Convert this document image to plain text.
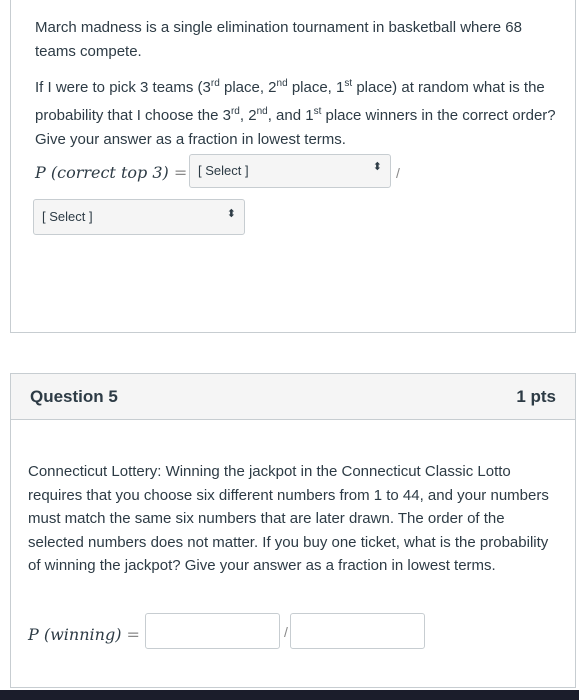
March madness is a single elimination tournament in basketball where 68 teams compete.

If I were to pick 3 teams (3rd place, 2nd place, 1st place) at random what is the probability that I choose the 3rd, 2nd, and 1st place winners in the correct order? Give your answer as a fraction in lowest terms.

P (correct top 3) = [ Select ]	⬍ /
[ Select ]	⬍
Question 5	1 pts

Connecticut Lottery: Winning the jackpot in the Connecticut Classic Lotto requires that you choose six different numbers from 1 to 44, and your numbers must match the same six numbers that are later drawn. The order of the selected numbers does not matter. If you buy one ticket, what is the probability of winning the jackpot? Give your answer as a fraction in lowest terms.

P (winning) =	/
